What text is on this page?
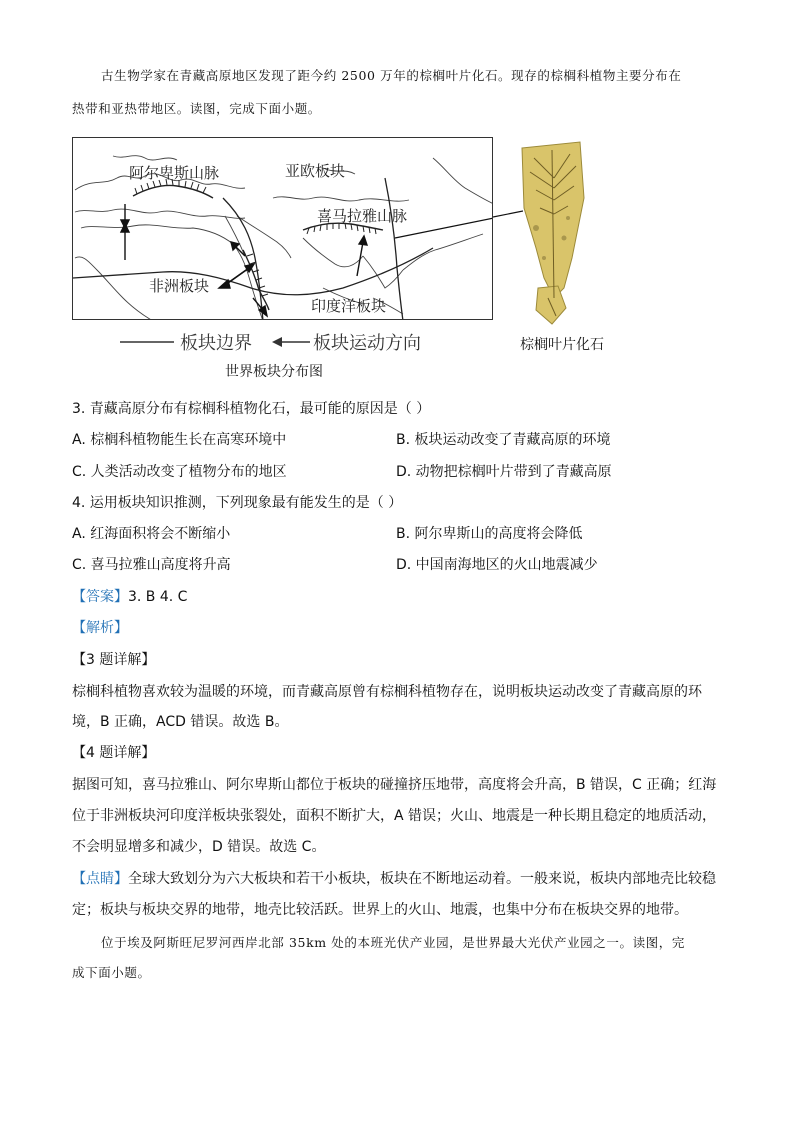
古生物学家在青藏高原地区发现了距今约 2500 万年的棕榈叶片化石。现存的棕榈科植物主要分布在
热带和亚热带地区。读图，完成下面小题。
阿尔卑斯山脉	亚欧板块
喜马拉雅山脉
非洲板块
印度洋板块
板块边界	板块运动方向	棕榈叶片化石
世界板块分布图
3. 青藏高原分布有棕榈科植物化石，最可能的原因是（ ）
A. 棕榈科植物能生长在高寒环境中	B. 板块运动改变了青藏高原的环境
C. 人类活动改变了植物分布的地区	D. 动物把棕榈叶片带到了青藏高原
4. 运用板块知识推测，下列现象最有能发生的是（ ）
A. 红海面积将会不断缩小	B. 阿尔卑斯山的高度将会降低
C. 喜马拉雅山高度将升高	D. 中国南海地区的火山地震减少
【答案】3. B 4. C
【解析】
【3 题详解】
棕榈科植物喜欢较为温暖的环境，而青藏高原曾有棕榈科植物存在，说明板块运动改变了青藏高原的环
境，B 正确，ACD 错误。故选 B。
【4 题详解】
据图可知，喜马拉雅山、阿尔卑斯山都位于板块的碰撞挤压地带，高度将会升高，B 错误，C 正确；红海
位于非洲板块河印度洋板块张裂处，面积不断扩大，A 错误；火山、地震是一种长期且稳定的地质活动，
不会明显增多和减少，D 错误。故选 C。
【点睛】全球大致划分为六大板块和若干小板块，板块在不断地运动着。一般来说，板块内部地壳比较稳
定；板块与板块交界的地带，地壳比较活跃。世界上的火山、地震，也集中分布在板块交界的地带。
位于埃及阿斯旺尼罗河西岸北部 35km 处的本班光伏产业园，是世界最大光伏产业园之一。读图，完
成下面小题。
